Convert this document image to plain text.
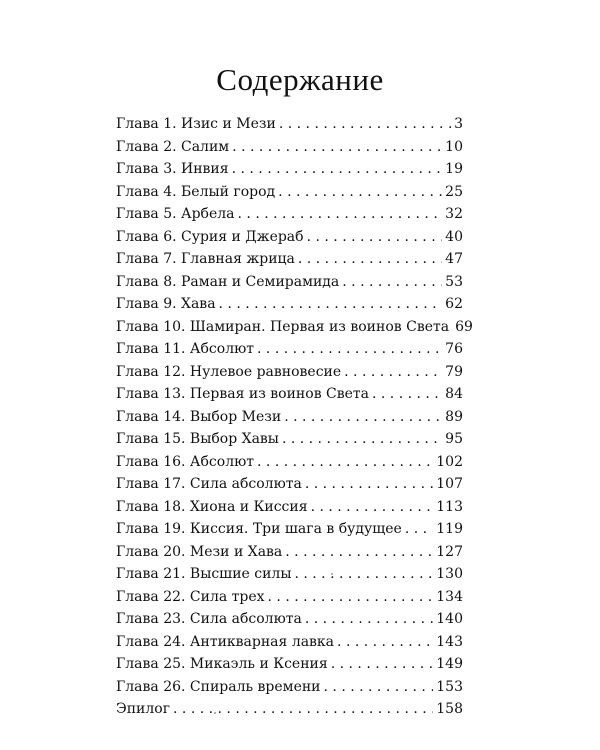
Содержание
Глава 1. Изис и Мези . . .	3
Глава 2. Салим . . .	10
Глава 3. Инвия . . .	19
Глава 4. Белый город . . .	25
Глава 5. Арбела . . .	32
Глава 6. Сурия и Джераб . . .	40
Глава 7. Главная жрица . . .	47
Глава 8. Раман и Семирамида . . .	53
Глава 9. Хава . . .	62
Глава 10. Шамиран. Первая из воинов Света 69
Глава 11. Абсолют . . .	76
Глава 12. Нулевое равновесие . . .	79
Глава 13. Первая из воинов Света . . .	84
Глава 14. Выбор Мези . . .	89
Глава 15. Выбор Хавы . . .	95
Глава 16. Абсолют . . .	102
Глава 17. Сила абсолюта . . .	107
Глава 18. Хиона и Киссия . . .	113
Глава 19. Киссия. Три шага в будущее . . . 119
Глава 20. Мези и Хава . . .	127
Глава 21. Высшие силы . . .	130
Глава 22. Сила трех . . .	134
Глава 23. Сила абсолюта . . .	140
Глава 24. Антикварная лавка . . .	143
Глава 25. Микаэль и Ксения . . .	149
Глава 26. Спираль времени . . .	153
Эпилог . . .	158
